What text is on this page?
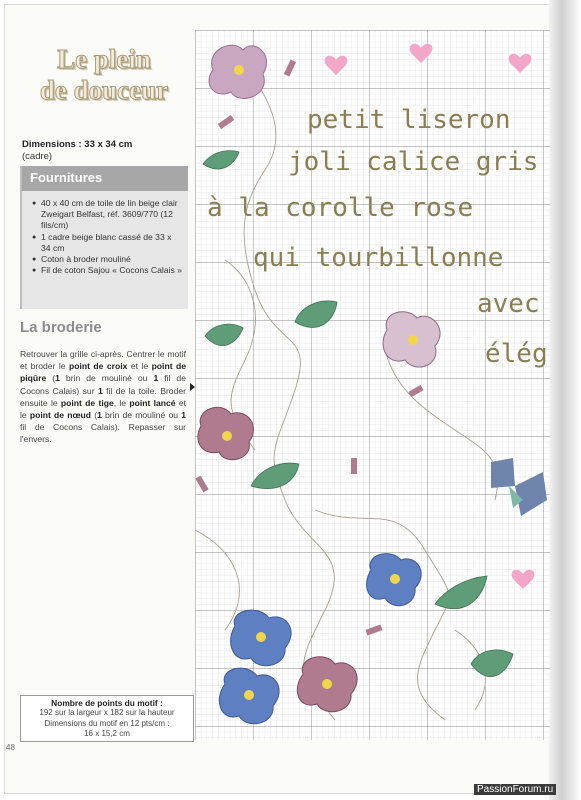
Le plein
de douceur
Dimensions : 33 x 34 cm
(cadre)
Fournitures
● 40 x 40 cm de toile de lin beige clair Zweigart Belfast, réf. 3609/770 (12 fils/cm)
● 1 cadre beige blanc cassé de 33 x 34 cm
● Coton à broder mouliné
● Fil de coton Sajou « Cocons Calais »
La broderie
Retrouver la grille ci-après. Centrer le motif et broder le point de croix et le point de piqûre (1 brin de mouliné ou 1 fil de Cocons Calais) sur 1 fil de la toile. Broder ensuite le point de tige, le point lancé et le point de nœud (1 brin de mouliné ou 1 fil de Cocons Calais). Repasser sur l'envers.
Nombre de points du motif :
192 sur la largeur x 182 sur la hauteur
Dimensions du motif en 12 pts/cm :
16 x 15,2 cm
48
petit liseron
joli calice gris
à la corolle rose
qui tourbillonne
avec
élég
PassionForum.ru
